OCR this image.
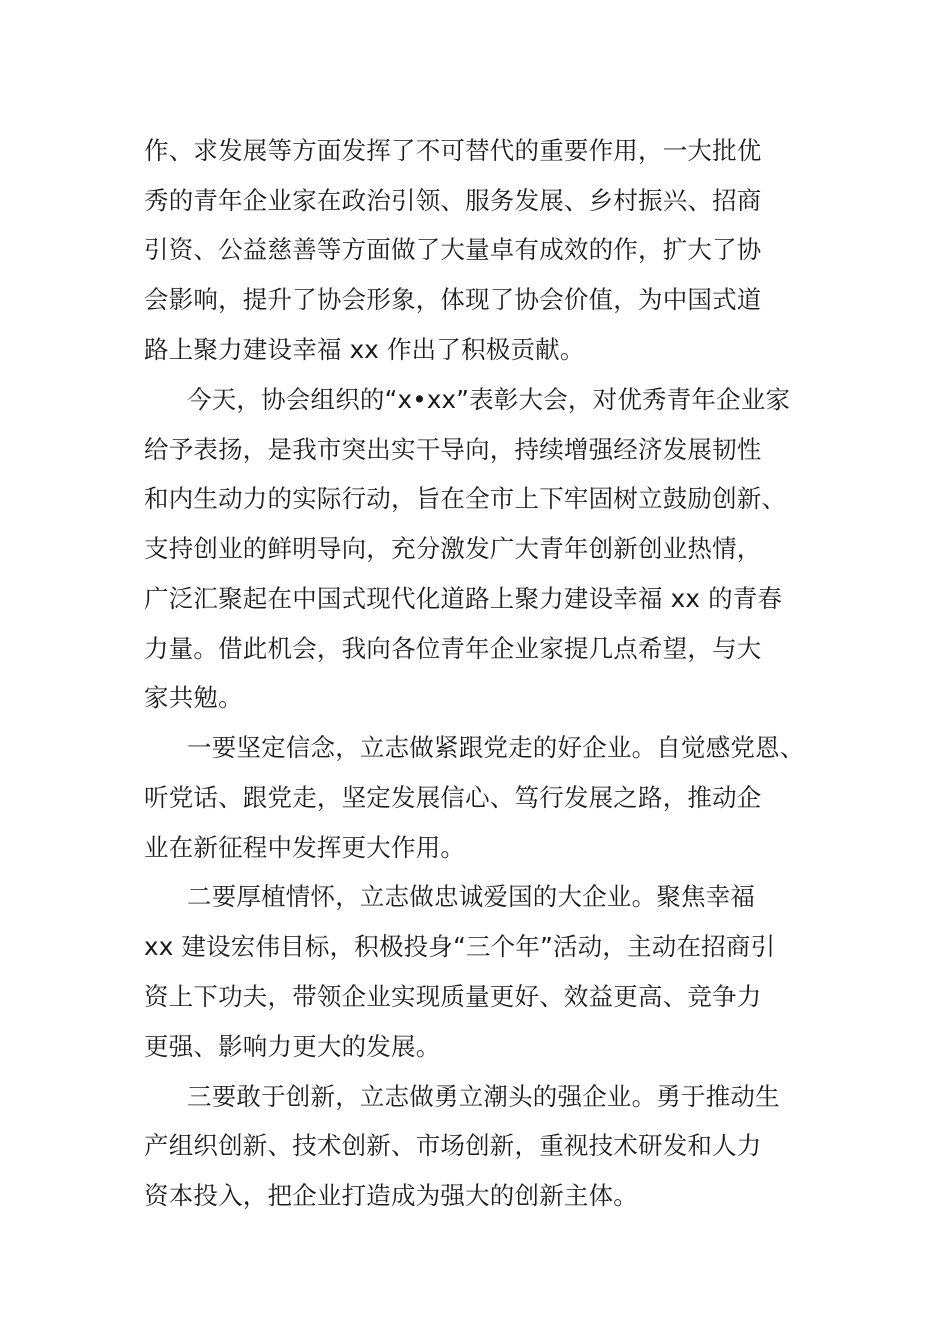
作、求发展等方面发挥了不可替代的重要作用，一大批优
秀的青年企业家在政治引领、服务发展、乡村振兴、招商
引资、公益慈善等方面做了大量卓有成效的作，扩大了协
会影响，提升了协会形象，体现了协会价值，为中国式道
路上聚力建设幸福 xx 作出了积极贡献。
今天，协会组织的“x•xx”表彰大会，对优秀青年企业家
给予表扬，是我市突出实干导向，持续增强经济发展韧性
和内生动力的实际行动，旨在全市上下牢固树立鼓励创新、
支持创业的鲜明导向，充分激发广大青年创新创业热情，
广泛汇聚起在中国式现代化道路上聚力建设幸福 xx 的青春
力量。借此机会，我向各位青年企业家提几点希望，与大
家共勉。
一要坚定信念，立志做紧跟党走的好企业。自觉感党恩、
听党话、跟党走，坚定发展信心、笃行发展之路，推动企
业在新征程中发挥更大作用。
二要厚植情怀，立志做忠诚爱国的大企业。聚焦幸福
xx 建设宏伟目标，积极投身“三个年”活动，主动在招商引
资上下功夫，带领企业实现质量更好、效益更高、竞争力
更强、影响力更大的发展。
三要敢于创新，立志做勇立潮头的强企业。勇于推动生
产组织创新、技术创新、市场创新，重视技术研发和人力
资本投入，把企业打造成为强大的创新主体。
